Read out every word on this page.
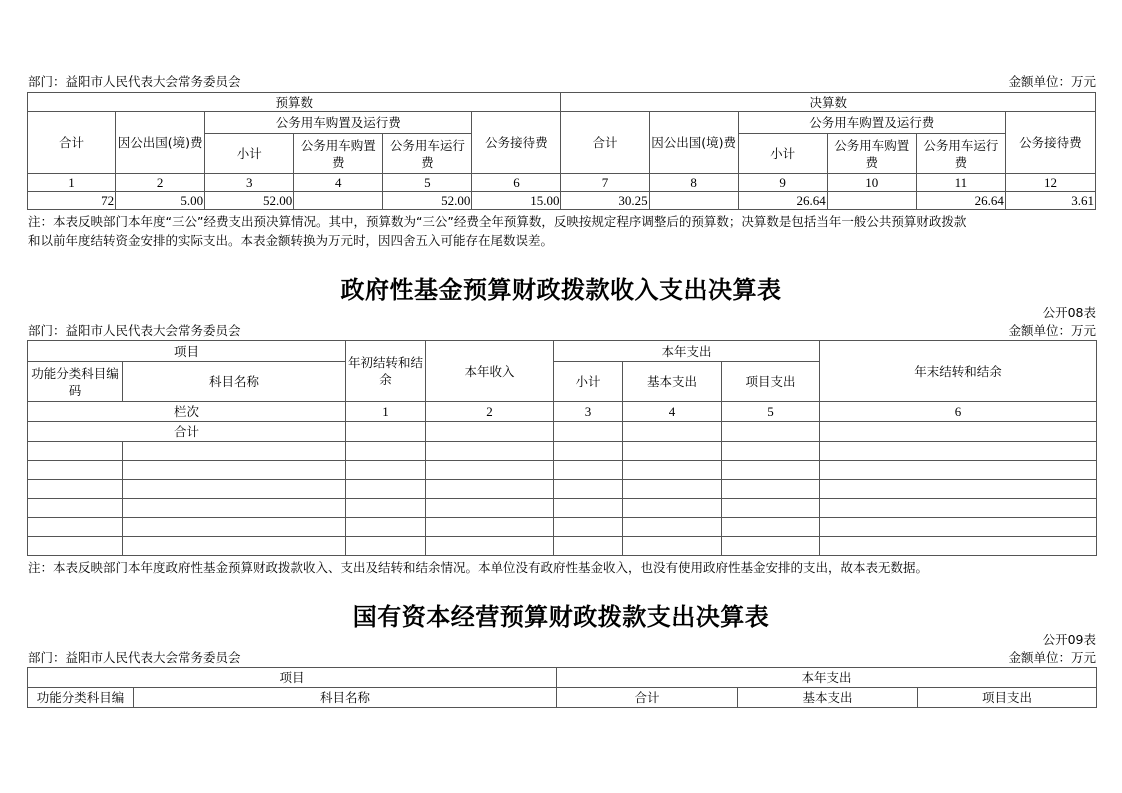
部门：益阳市人民代表大会常务委员会	金额单位：万元
预算数						决算数					
合计	因公出国(境)费	公务用车购置及运行费			公务接待费	合计	因公出国(境)费	公务用车购置及运行费			公务接待费
		小计	公务用车购置费	公务用车运行费				小计	公务用车购置费	公务用车运行费	
1	2	3	4	5	6	7	8	9	10	11	12
72	5.00	52.00		52.00	15.00	30.25		26.64		26.64	3.61
注：本表反映部门本年度“三公”经费支出预决算情况。其中，预算数为“三公”经费全年预算数，反映按规定程序调整后的预算数；决算数是包括当年一般公共预算财政拨款
和以前年度结转资金安排的实际支出。本表金额转换为万元时，因四舍五入可能存在尾数误差。
政府性基金预算财政拨款收入支出决算表
公开08表
部门：益阳市人民代表大会常务委员会	金额单位：万元
项目		年初结转和结余	本年收入	本年支出			年末结转和结余
功能分类科目编码	科目名称			小计	基本支出	项目支出	
栏次		1	2	3	4	5	6
合计							

注：本表反映部门本年度政府性基金预算财政拨款收入、支出及结转和结余情况。本单位没有政府性基金收入，也没有使用政府性基金安排的支出，故本表无数据。
国有资本经营预算财政拨款支出决算表
公开09表
部门：益阳市人民代表大会常务委员会	金额单位：万元
项目		本年支出		
功能分类科目编	科目名称	合计	基本支出	项目支出
